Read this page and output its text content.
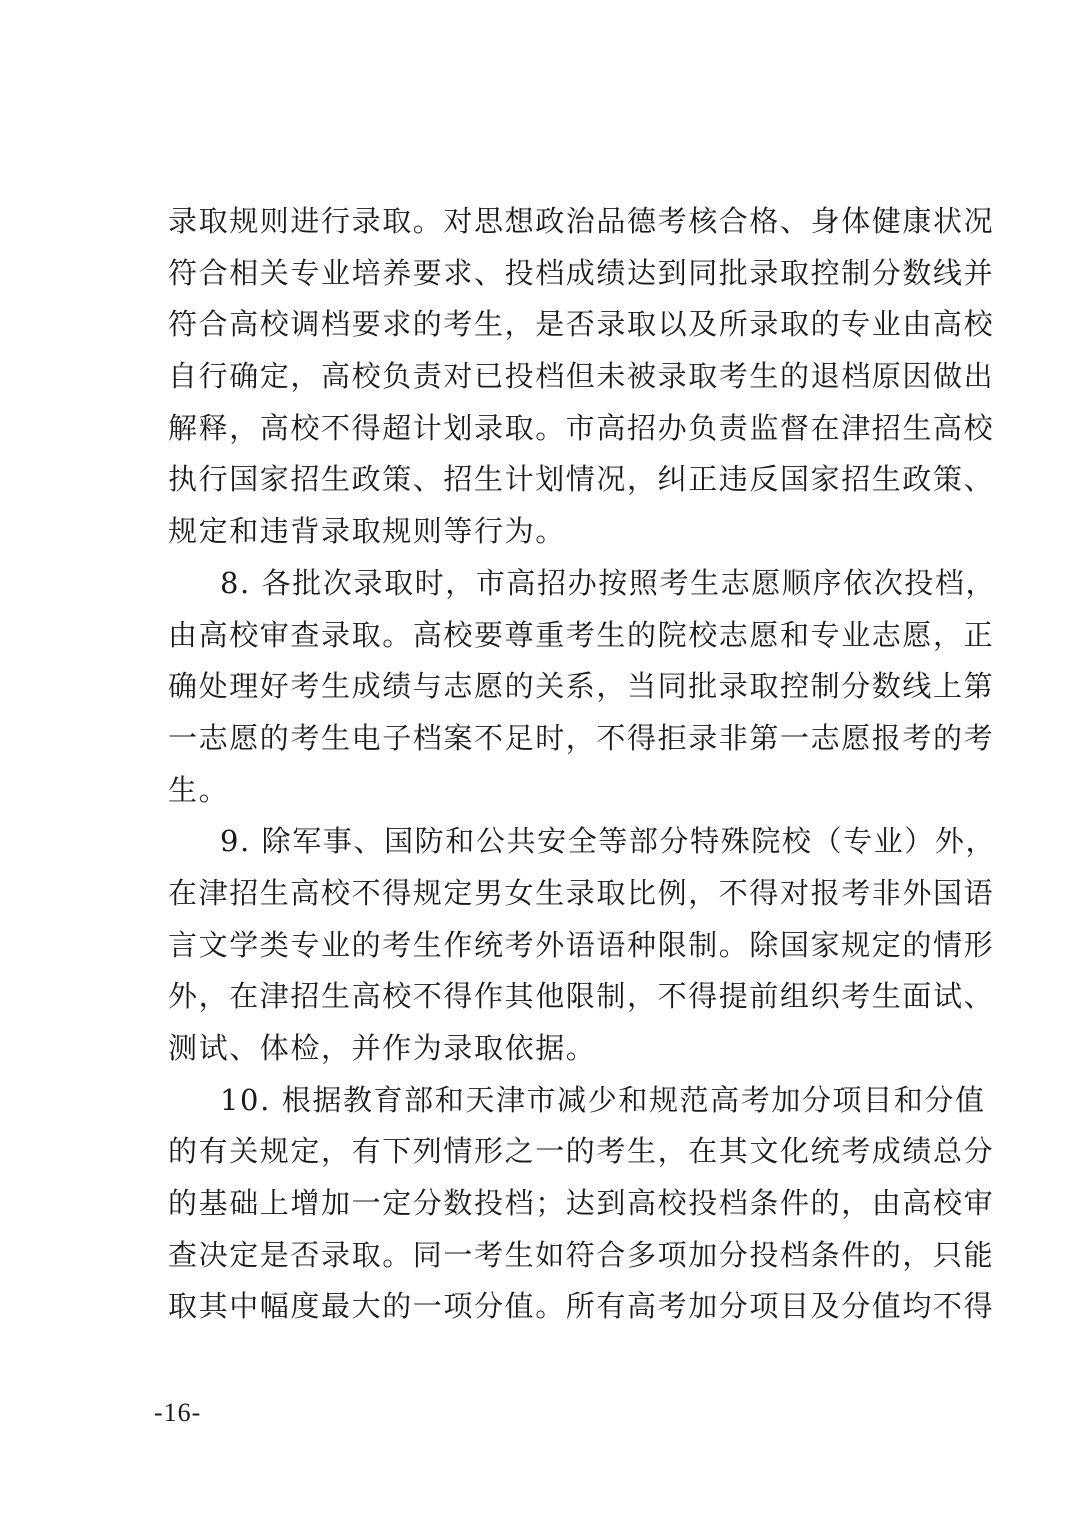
录取规则进行录取。对思想政治品德考核合格、身体健康状况
符合相关专业培养要求、投档成绩达到同批录取控制分数线并
符合高校调档要求的考生，是否录取以及所录取的专业由高校
自行确定，高校负责对已投档但未被录取考生的退档原因做出
解释，高校不得超计划录取。市高招办负责监督在津招生高校
执行国家招生政策、招生计划情况，纠正违反国家招生政策、
规定和违背录取规则等行为。
8. 各批次录取时，市高招办按照考生志愿顺序依次投档，
由高校审查录取。高校要尊重考生的院校志愿和专业志愿，正
确处理好考生成绩与志愿的关系，当同批录取控制分数线上第
一志愿的考生电子档案不足时，不得拒录非第一志愿报考的考
生。
9. 除军事、国防和公共安全等部分特殊院校（专业）外，
在津招生高校不得规定男女生录取比例，不得对报考非外国语
言文学类专业的考生作统考外语语种限制。除国家规定的情形
外，在津招生高校不得作其他限制，不得提前组织考生面试、
测试、体检，并作为录取依据。
10. 根据教育部和天津市减少和规范高考加分项目和分值
的有关规定，有下列情形之一的考生，在其文化统考成绩总分
的基础上增加一定分数投档；达到高校投档条件的，由高校审
查决定是否录取。同一考生如符合多项加分投档条件的，只能
取其中幅度最大的一项分值。所有高考加分项目及分值均不得
-16-
